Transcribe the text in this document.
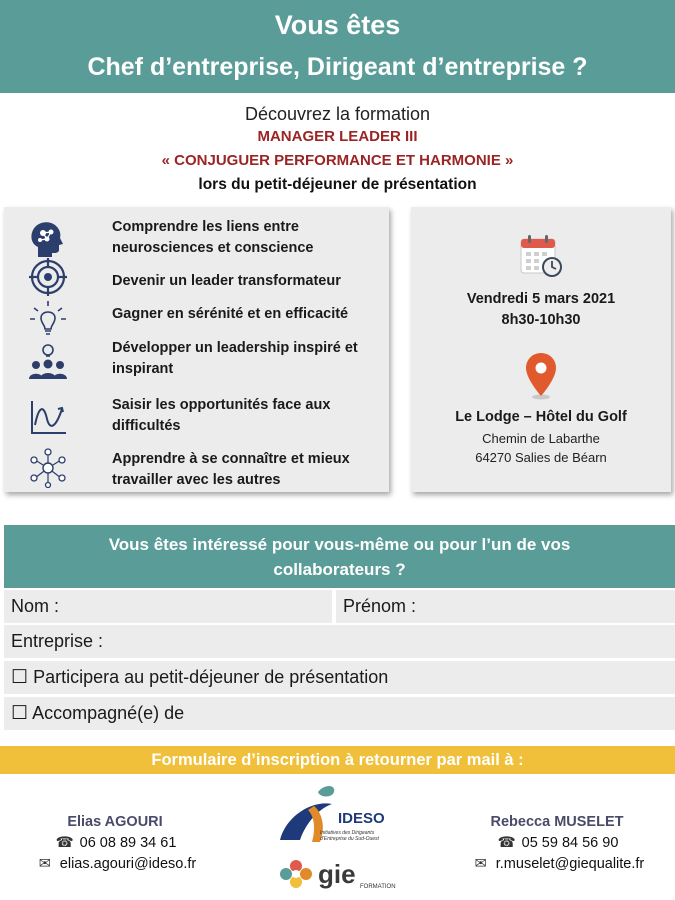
Vous êtes
Chef d’entreprise, Dirigeant d’entreprise ?
Découvrez la formation
MANAGER LEADER III
« CONJUGUER PERFORMANCE ET HARMONIE »
lors du petit-déjeuner de présentation
Comprendre les liens entre
neurosciences et conscience
Devenir un leader transformateur
Gagner en sérénité et en efficacité
Développer un leadership inspiré et
inspirant
Saisir les opportunités face aux
difficultés
Apprendre à se connaître et mieux
travailler avec les autres
Vendredi 5 mars 2021
8h30-10h30
Le Lodge – Hôtel du Golf
Chemin de Labarthe
64270 Salies de Béarn
Vous êtes intéressé pour vous-même ou pour l’un de vos
collaborateurs ?
Nom :	Prénom :
Entreprise :
☐ Participera au petit-déjeuner de présentation
☐ Accompagné(e) de
Formulaire d’inscription à retourner par mail à :
Elias AGOURI
☎ 06 08 89 34 61
✉ elias.agouri@ideso.fr
Rebecca MUSELET
☎ 05 59 84 56 90
✉ r.muselet@giequalite.fr
IDESO
Initiatives des Dirigeants
d’Entreprise du Sud-Ouest
gie FORMATION
